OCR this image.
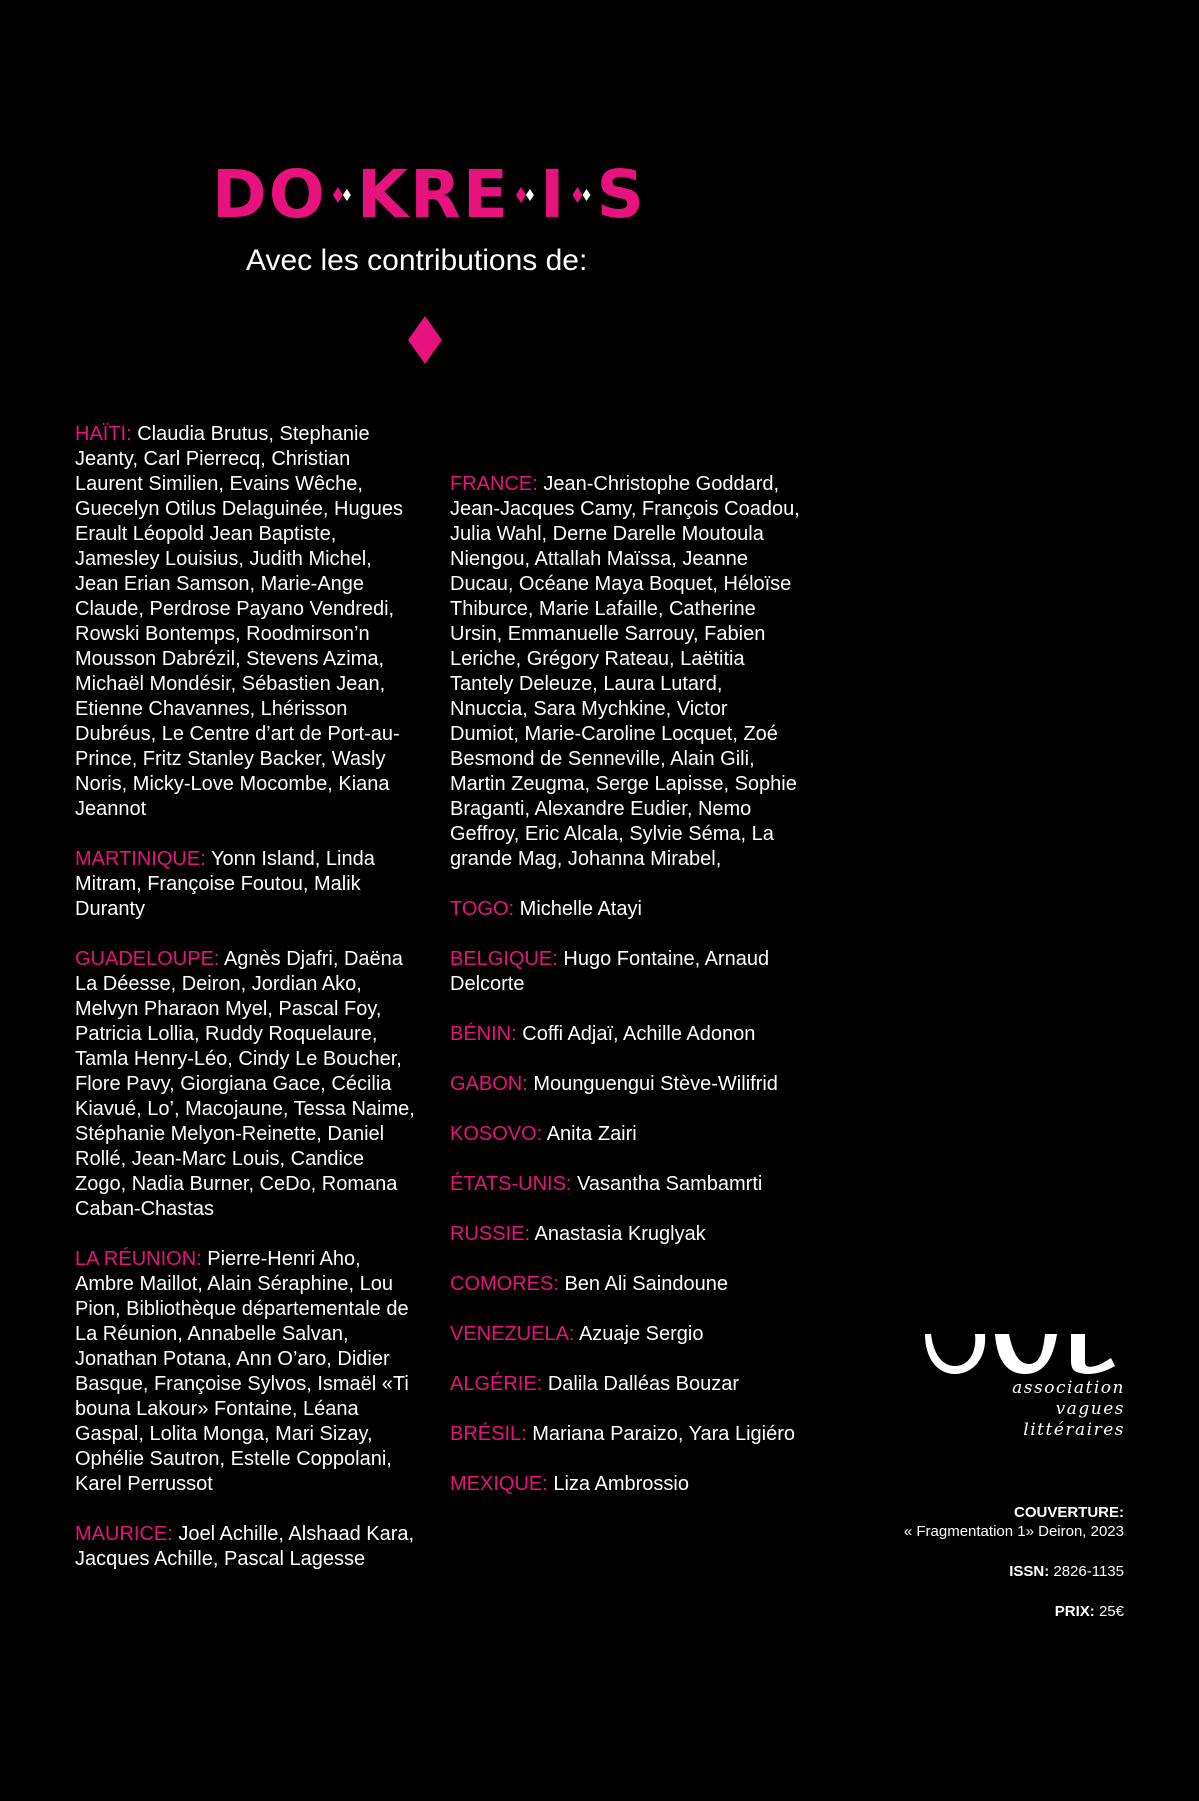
DO KRE I S
Avec les contributions de:

HAÏTI: Claudia Brutus, Stephanie Jeanty, Carl Pierrecq, Christian Laurent Similien, Evains Wêche, Guecelyn Otilus Delaguinée, Hugues Erault Léopold Jean Baptiste, Jamesley Louisius, Judith Michel, Jean Erian Samson, Marie-Ange Claude, Perdrose Payano Vendredi, Rowski Bontemps, Roodmirson’n Mousson Dabrézil, Stevens Azima, Michaël Mondésir, Sébastien Jean, Etienne Chavannes, Lhérisson Dubréus, Le Centre d’art de Port-au-Prince, Fritz Stanley Backer, Wasly Noris, Micky-Love Mocombe, Kiana Jeannot

MARTINIQUE: Yonn Island, Linda Mitram, Françoise Foutou, Malik Duranty

GUADELOUPE: Agnès Djafri, Daëna La Déesse, Deiron, Jordian Ako, Melvyn Pharaon Myel, Pascal Foy, Patricia Lollia, Ruddy Roquelaure, Tamla Henry-Léo, Cindy Le Boucher, Flore Pavy, Giorgiana Gace, Cécilia Kiavué, Lo’, Macojaune, Tessa Naime, Stéphanie Melyon-Reinette, Daniel Rollé, Jean-Marc Louis, Candice Zogo, Nadia Burner, CeDo, Romana Caban-Chastas

LA RÉUNION: Pierre-Henri Aho, Ambre Maillot, Alain Séraphine, Lou Pion, Bibliothèque départementale de La Réunion, Annabelle Salvan, Jonathan Potana, Ann O’aro, Didier Basque, Françoise Sylvos, Ismaël «Ti bouna Lakour» Fontaine, Léana Gaspal, Lolita Monga, Mari Sizay, Ophélie Sautron, Estelle Coppolani, Karel Perrussot

MAURICE: Joel Achille, Alshaad Kara, Jacques Achille, Pascal Lagesse

FRANCE: Jean-Christophe Goddard, Jean-Jacques Camy, François Coadou, Julia Wahl, Derne Darelle Moutoula Niengou, Attallah Maïssa, Jeanne Ducau, Océane Maya Boquet, Héloïse Thiburce, Marie Lafaille, Catherine Ursin, Emmanuelle Sarrouy, Fabien Leriche, Grégory Rateau, Laëtitia Tantely Deleuze, Laura Lutard, Nnuccia, Sara Mychkine, Victor Dumiot, Marie-Caroline Locquet, Zoé Besmond de Senneville, Alain Gili, Martin Zeugma, Serge Lapisse, Sophie Braganti, Alexandre Eudier, Nemo Geffroy, Eric Alcala, Sylvie Séma, La grande Mag, Johanna Mirabel,

TOGO: Michelle Atayi

BELGIQUE: Hugo Fontaine, Arnaud Delcorte

BÉNIN: Coffi Adjaï, Achille Adonon

GABON: Mounguengui Stève-Wilifrid

KOSOVO: Anita Zairi

ÉTATS-UNIS: Vasantha Sambamrti

RUSSIE: Anastasia Kruglyak

COMORES: Ben Ali Saindoune

VENEZUELA: Azuaje Sergio

ALGÉRIE: Dalila Dalléas Bouzar

BRÉSIL: Mariana Paraizo, Yara Ligiéro

MEXIQUE: Liza Ambrossio

association
vagues
littéraires
COUVERTURE:
« Fragmentation 1» Deiron, 2023
ISSN: 2826-1135
PRIX: 25€
